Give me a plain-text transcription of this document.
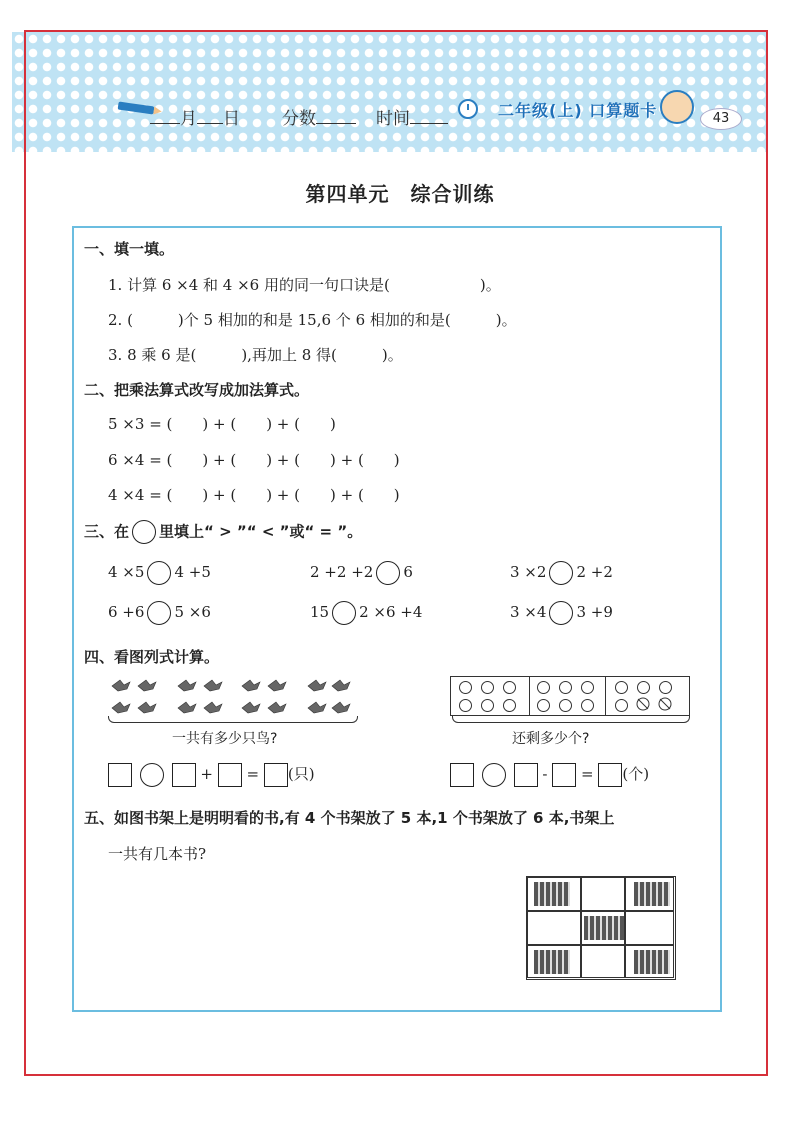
月 日 分数	时间	二年级(上) 口算题卡	43
第四单元　综合训练
一、填一填。
1. 计算 6 ×4 和 4 ×6 用的同一句口诀是(　　　　　　)。
2. (　　　)个 5 相加的和是 15,6 个 6 相加的和是(　　　)。
3. 8 乘 6 是(　　　),再加上 8 得(　　　)。
二、把乘法算式改写成加法算式。
5 ×3 = (　　) + (　　) + (　　)
6 ×4 = (　　) + (　　) + (　　) + (　　)
4 ×4 = (　　) + (　　) + (　　) + (　　)
三、在 里填上“ > ”“ < ”或“ = ”。
4 ×5 4 +5	2 +2 +2 6	3 ×2 2 +2
6 +6 5 ×6	15 2 ×6 +4	3 ×4 3 +9
四、看图列式计算。
一共有多少只鸟?	还剩多少个?
+ = (只)	- = (个)
五、如图书架上是明明看的书,有 4 个书架放了 5 本,1 个书架放了 6 本,书架上
一共有几本书?
